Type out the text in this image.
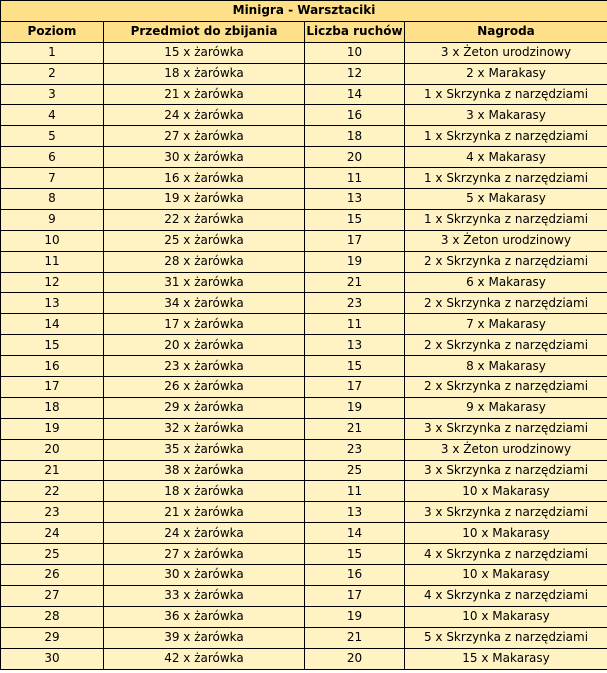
Minigra - Warsztaciki			
Poziom	Przedmiot do zbijania	Liczba ruchów	Nagroda
1	15 x żarówka	10	3 x Żeton urodzinowy
2	18 x żarówka	12	2 x Marakasy
3	21 x żarówka	14	1 x Skrzynka z narzędziami
4	24 x żarówka	16	3 x Makarasy
5	27 x żarówka	18	1 x Skrzynka z narzędziami
6	30 x żarówka	20	4 x Makarasy
7	16 x żarówka	11	1 x Skrzynka z narzędziami
8	19 x żarówka	13	5 x Makarasy
9	22 x żarówka	15	1 x Skrzynka z narzędziami
10	25 x żarówka	17	3 x Żeton urodzinowy
11	28 x żarówka	19	2 x Skrzynka z narzędziami
12	31 x żarówka	21	6 x Makarasy
13	34 x żarówka	23	2 x Skrzynka z narzędziami
14	17 x żarówka	11	7 x Makarasy
15	20 x żarówka	13	2 x Skrzynka z narzędziami
16	23 x żarówka	15	8 x Makarasy
17	26 x żarówka	17	2 x Skrzynka z narzędziami
18	29 x żarówka	19	9 x Makarasy
19	32 x żarówka	21	3 x Skrzynka z narzędziami
20	35 x żarówka	23	3 x Żeton urodzinowy
21	38 x żarówka	25	3 x Skrzynka z narzędziami
22	18 x żarówka	11	10 x Makarasy
23	21 x żarówka	13	3 x Skrzynka z narzędziami
24	24 x żarówka	14	10 x Makarasy
25	27 x żarówka	15	4 x Skrzynka z narzędziami
26	30 x żarówka	16	10 x Makarasy
27	33 x żarówka	17	4 x Skrzynka z narzędziami
28	36 x żarówka	19	10 x Makarasy
29	39 x żarówka	21	5 x Skrzynka z narzędziami
30	42 x żarówka	20	15 x Makarasy
